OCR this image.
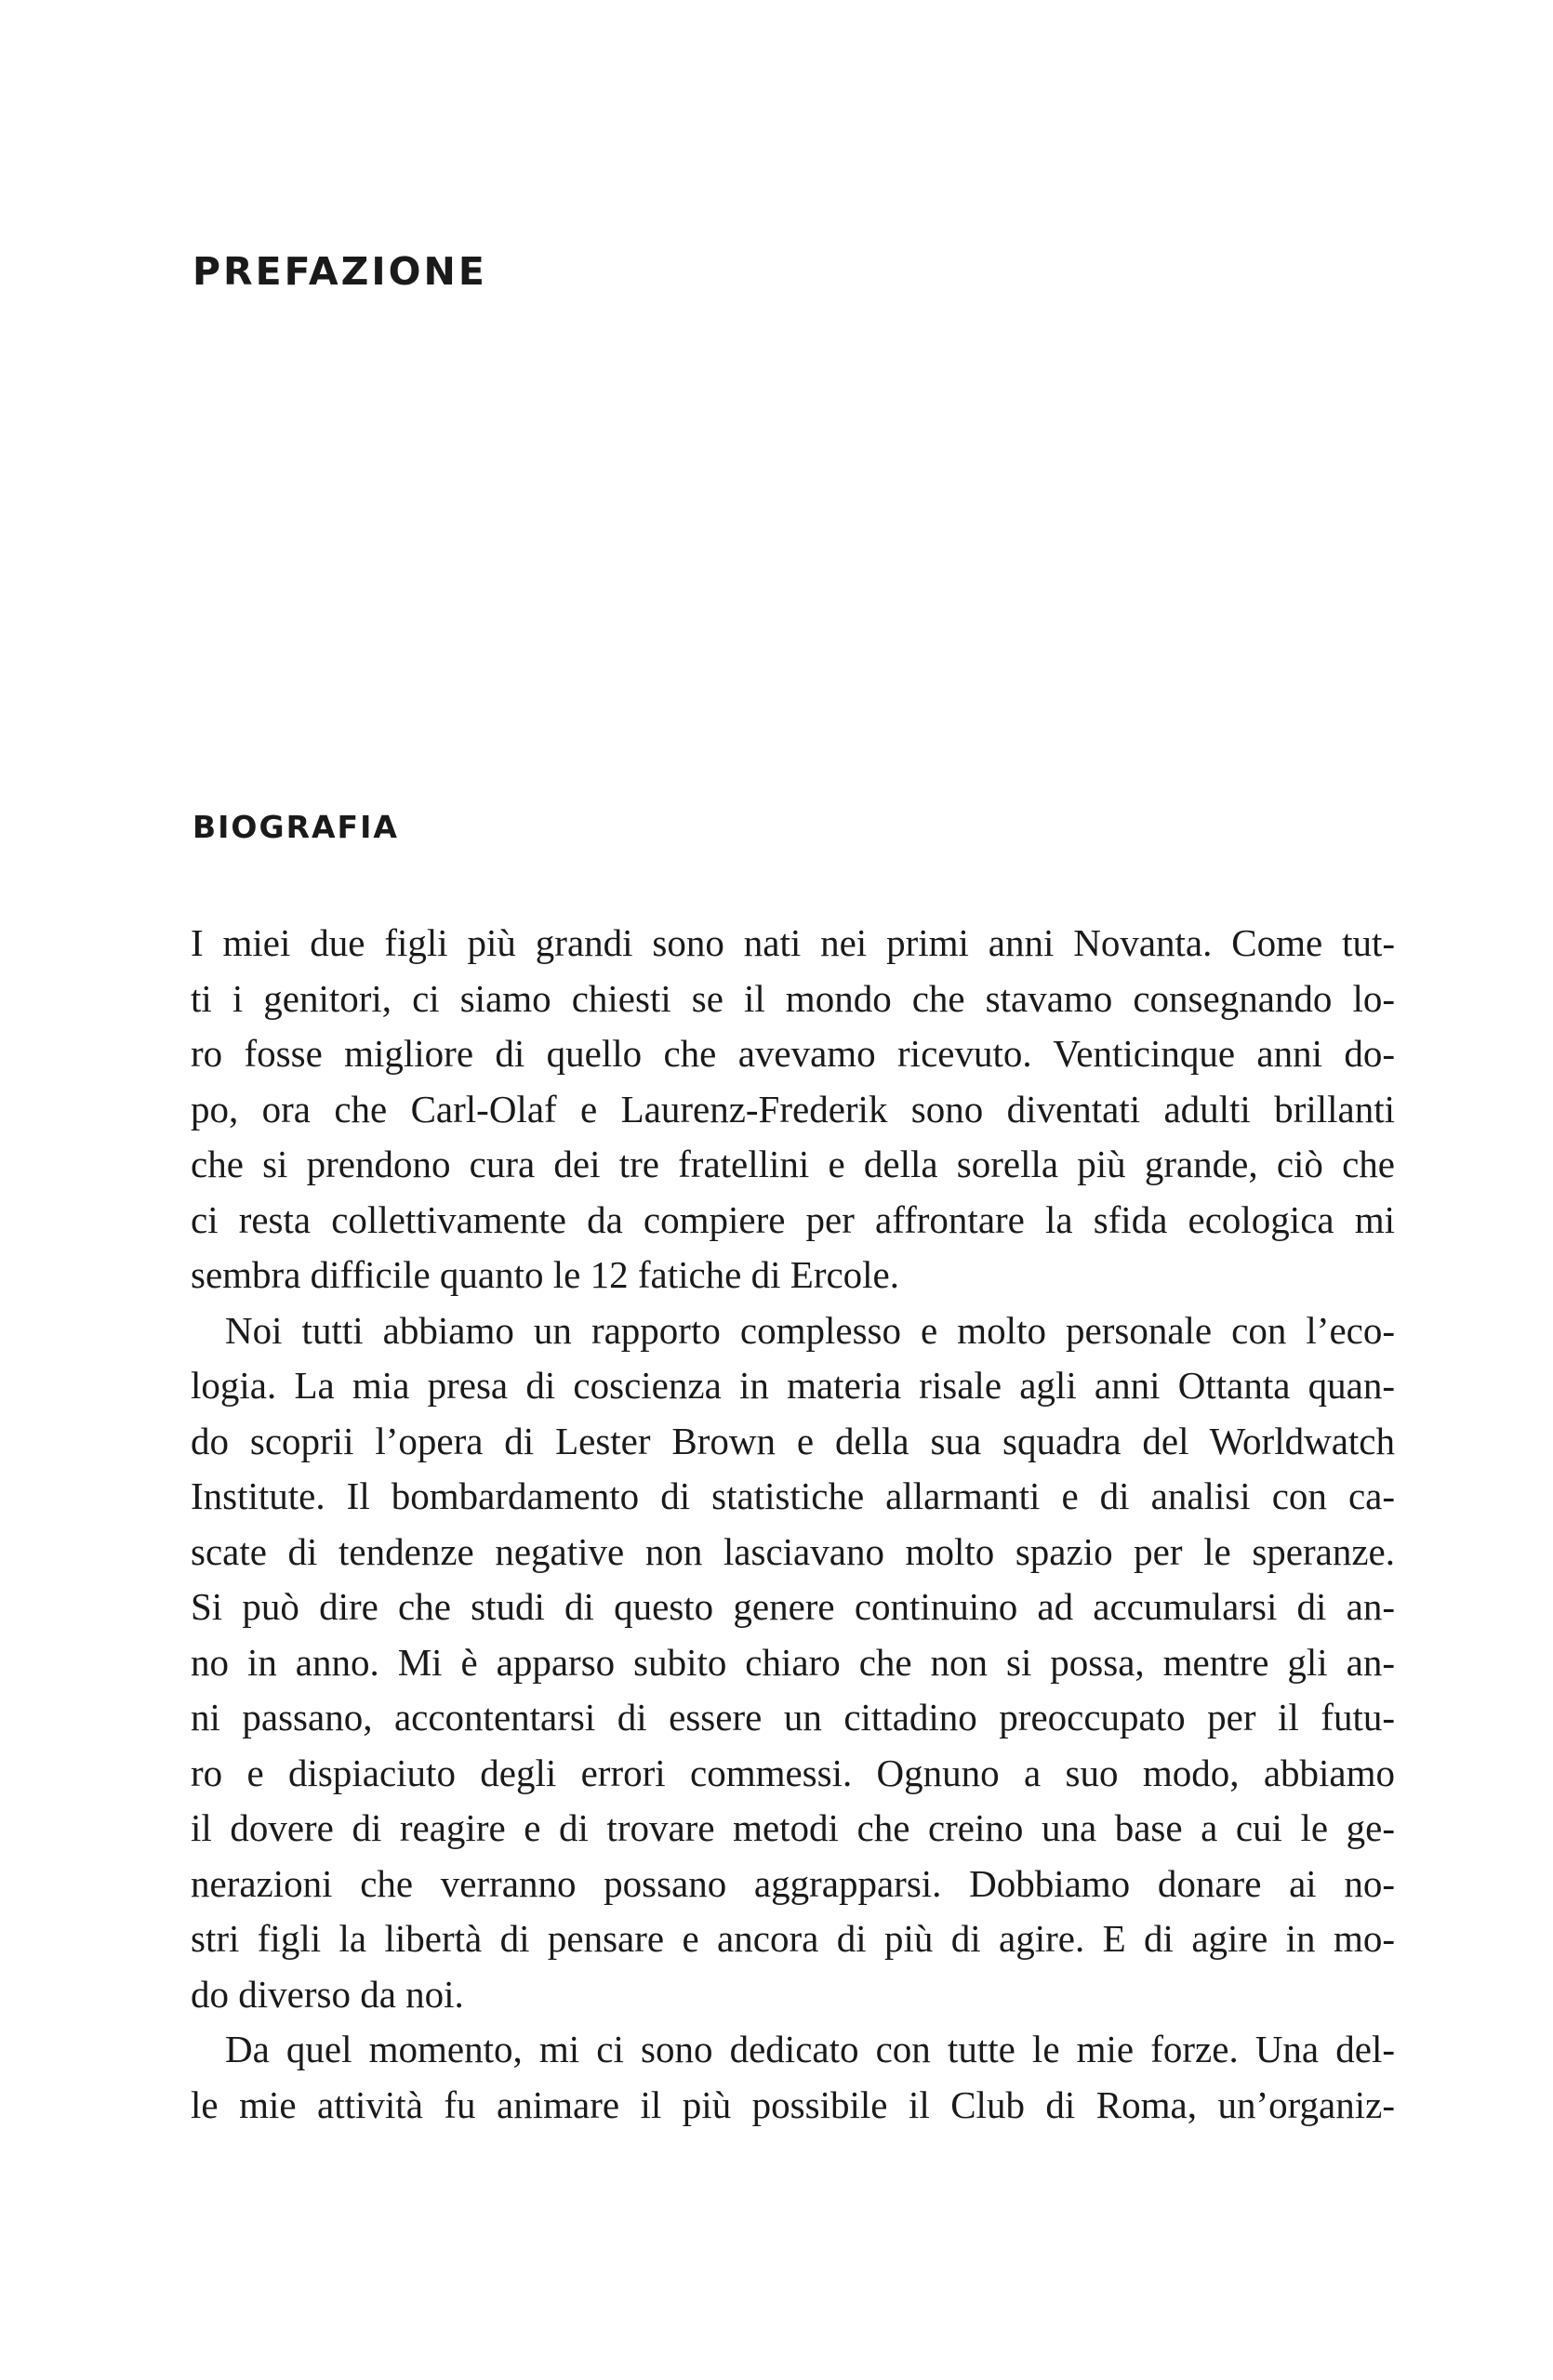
PREFAZIONE
BIOGRAFIA
I miei due figli più grandi sono nati nei primi anni Novanta. Come tut-
ti i genitori, ci siamo chiesti se il mondo che stavamo consegnando lo-
ro fosse migliore di quello che avevamo ricevuto. Venticinque anni do-
po, ora che Carl-Olaf e Laurenz-Frederik sono diventati adulti brillanti
che si prendono cura dei tre fratellini e della sorella più grande, ciò che
ci resta collettivamente da compiere per affrontare la sfida ecologica mi
sembra difficile quanto le 12 fatiche di Ercole.
Noi tutti abbiamo un rapporto complesso e molto personale con l’eco-
logia. La mia presa di coscienza in materia risale agli anni Ottanta quan-
do scoprii l’opera di Lester Brown e della sua squadra del Worldwatch
Institute. Il bombardamento di statistiche allarmanti e di analisi con ca-
scate di tendenze negative non lasciavano molto spazio per le speranze.
Si può dire che studi di questo genere continuino ad accumularsi di an-
no in anno. Mi è apparso subito chiaro che non si possa, mentre gli an-
ni passano, accontentarsi di essere un cittadino preoccupato per il futu-
ro e dispiaciuto degli errori commessi. Ognuno a suo modo, abbiamo
il dovere di reagire e di trovare metodi che creino una base a cui le ge-
nerazioni che verranno possano aggrapparsi. Dobbiamo donare ai no-
stri figli la libertà di pensare e ancora di più di agire. E di agire in mo-
do diverso da noi.
Da quel momento, mi ci sono dedicato con tutte le mie forze. Una del-
le mie attività fu animare il più possibile il Club di Roma, un’organiz-
